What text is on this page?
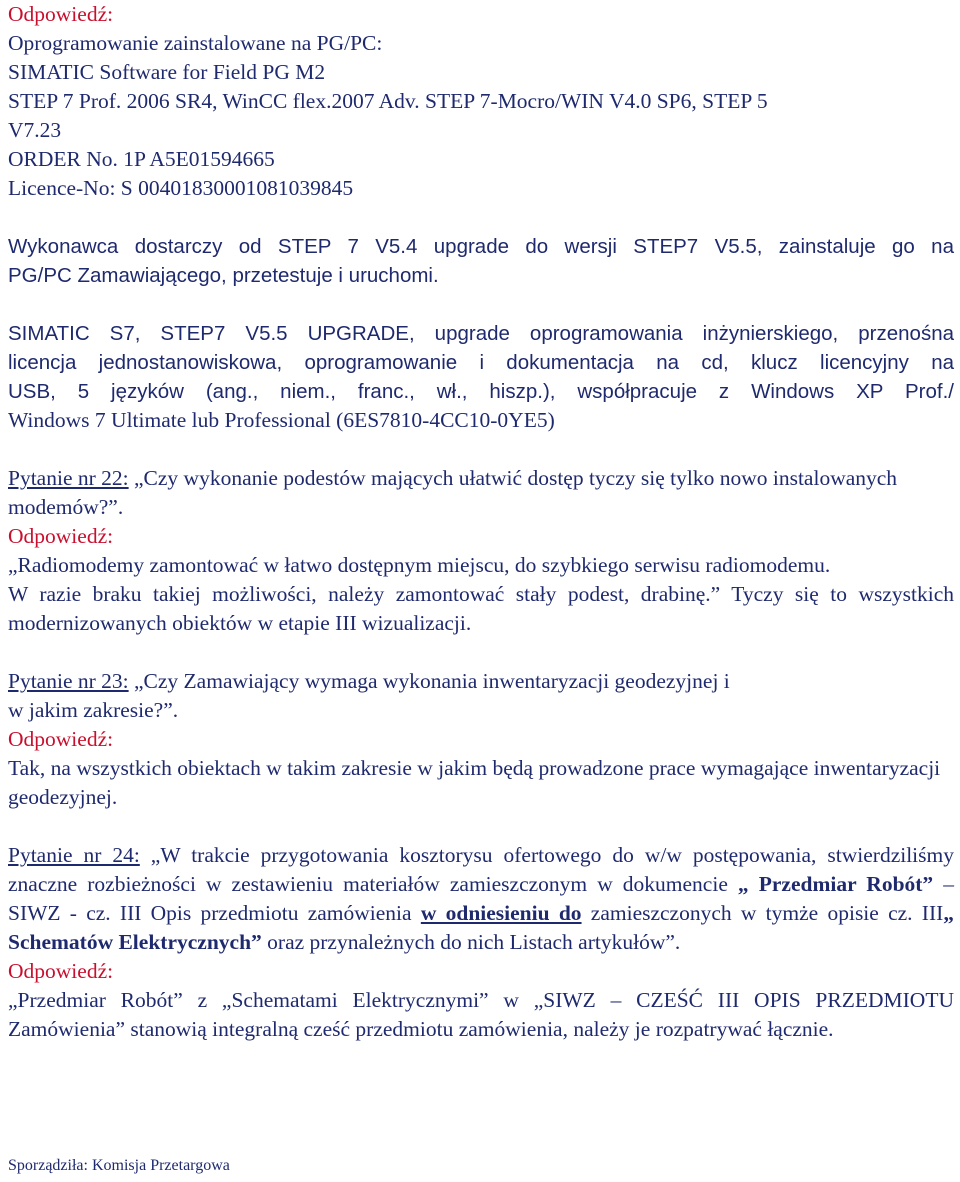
Odpowiedź:

Oprogramowanie zainstalowane na PG/PC:

SIMATIC Software for Field PG M2

STEP 7 Prof. 2006 SR4, WinCC flex.2007 Adv. STEP 7-Mocro/WIN V4.0 SP6, STEP 5

V7.23

ORDER No. 1P A5E01594665

Licence-No: S 00401830001081039845

Wykonawca dostarczy od STEP 7 V5.4 upgrade do wersji STEP7 V5.5, zainstaluje go na

PG/PC Zamawiającego, przetestuje i uruchomi.

SIMATIC S7, STEP7 V5.5 UPGRADE, upgrade oprogramowania inżynierskiego, przenośna

licencja jednostanowiskowa, oprogramowanie i dokumentacja na cd, klucz licencyjny na

USB, 5 języków (ang., niem., franc., wł., hiszp.), współpracuje z Windows XP Prof./

Windows 7 Ultimate lub Professional (6ES7810-4CC10-0YE5)

Pytanie nr 22: „Czy wykonanie podestów mających ułatwić dostęp tyczy się tylko nowo instalowanych modemów?”.

Odpowiedź:

„Radiomodemy zamontować w łatwo dostępnym miejscu, do szybkiego serwisu radiomodemu.

W razie braku takiej możliwości, należy zamontować stały podest, drabinę.” Tyczy się to wszystkich modernizowanych obiektów w etapie III wizualizacji.

Pytanie nr 23: „Czy Zamawiający wymaga wykonania inwentaryzacji geodezyjnej i

w jakim zakresie?”.

Odpowiedź:

Tak, na wszystkich obiektach w takim zakresie w jakim będą prowadzone prace wymagające inwentaryzacji geodezyjnej.

Pytanie nr 24: „W trakcie przygotowania kosztorysu ofertowego do w/w postępowania, stwierdziliśmy znaczne rozbieżności w zestawieniu materiałów zamieszczonym w dokumencie „ Przedmiar Robót” – SIWZ - cz. III Opis przedmiotu zamówienia w odniesieniu do zamieszczonych w tymże opisie cz. III„ Schematów Elektrycznych” oraz przynależnych do nich Listach artykułów”.

Odpowiedź:

„Przedmiar Robót” z „Schematami Elektrycznymi” w „SIWZ – CZEŚĆ III OPIS PRZEDMIOTU Zamówienia” stanowią integralną cześć przedmiotu zamówienia, należy je rozpatrywać łącznie.

Sporządziła: Komisja Przetargowa
